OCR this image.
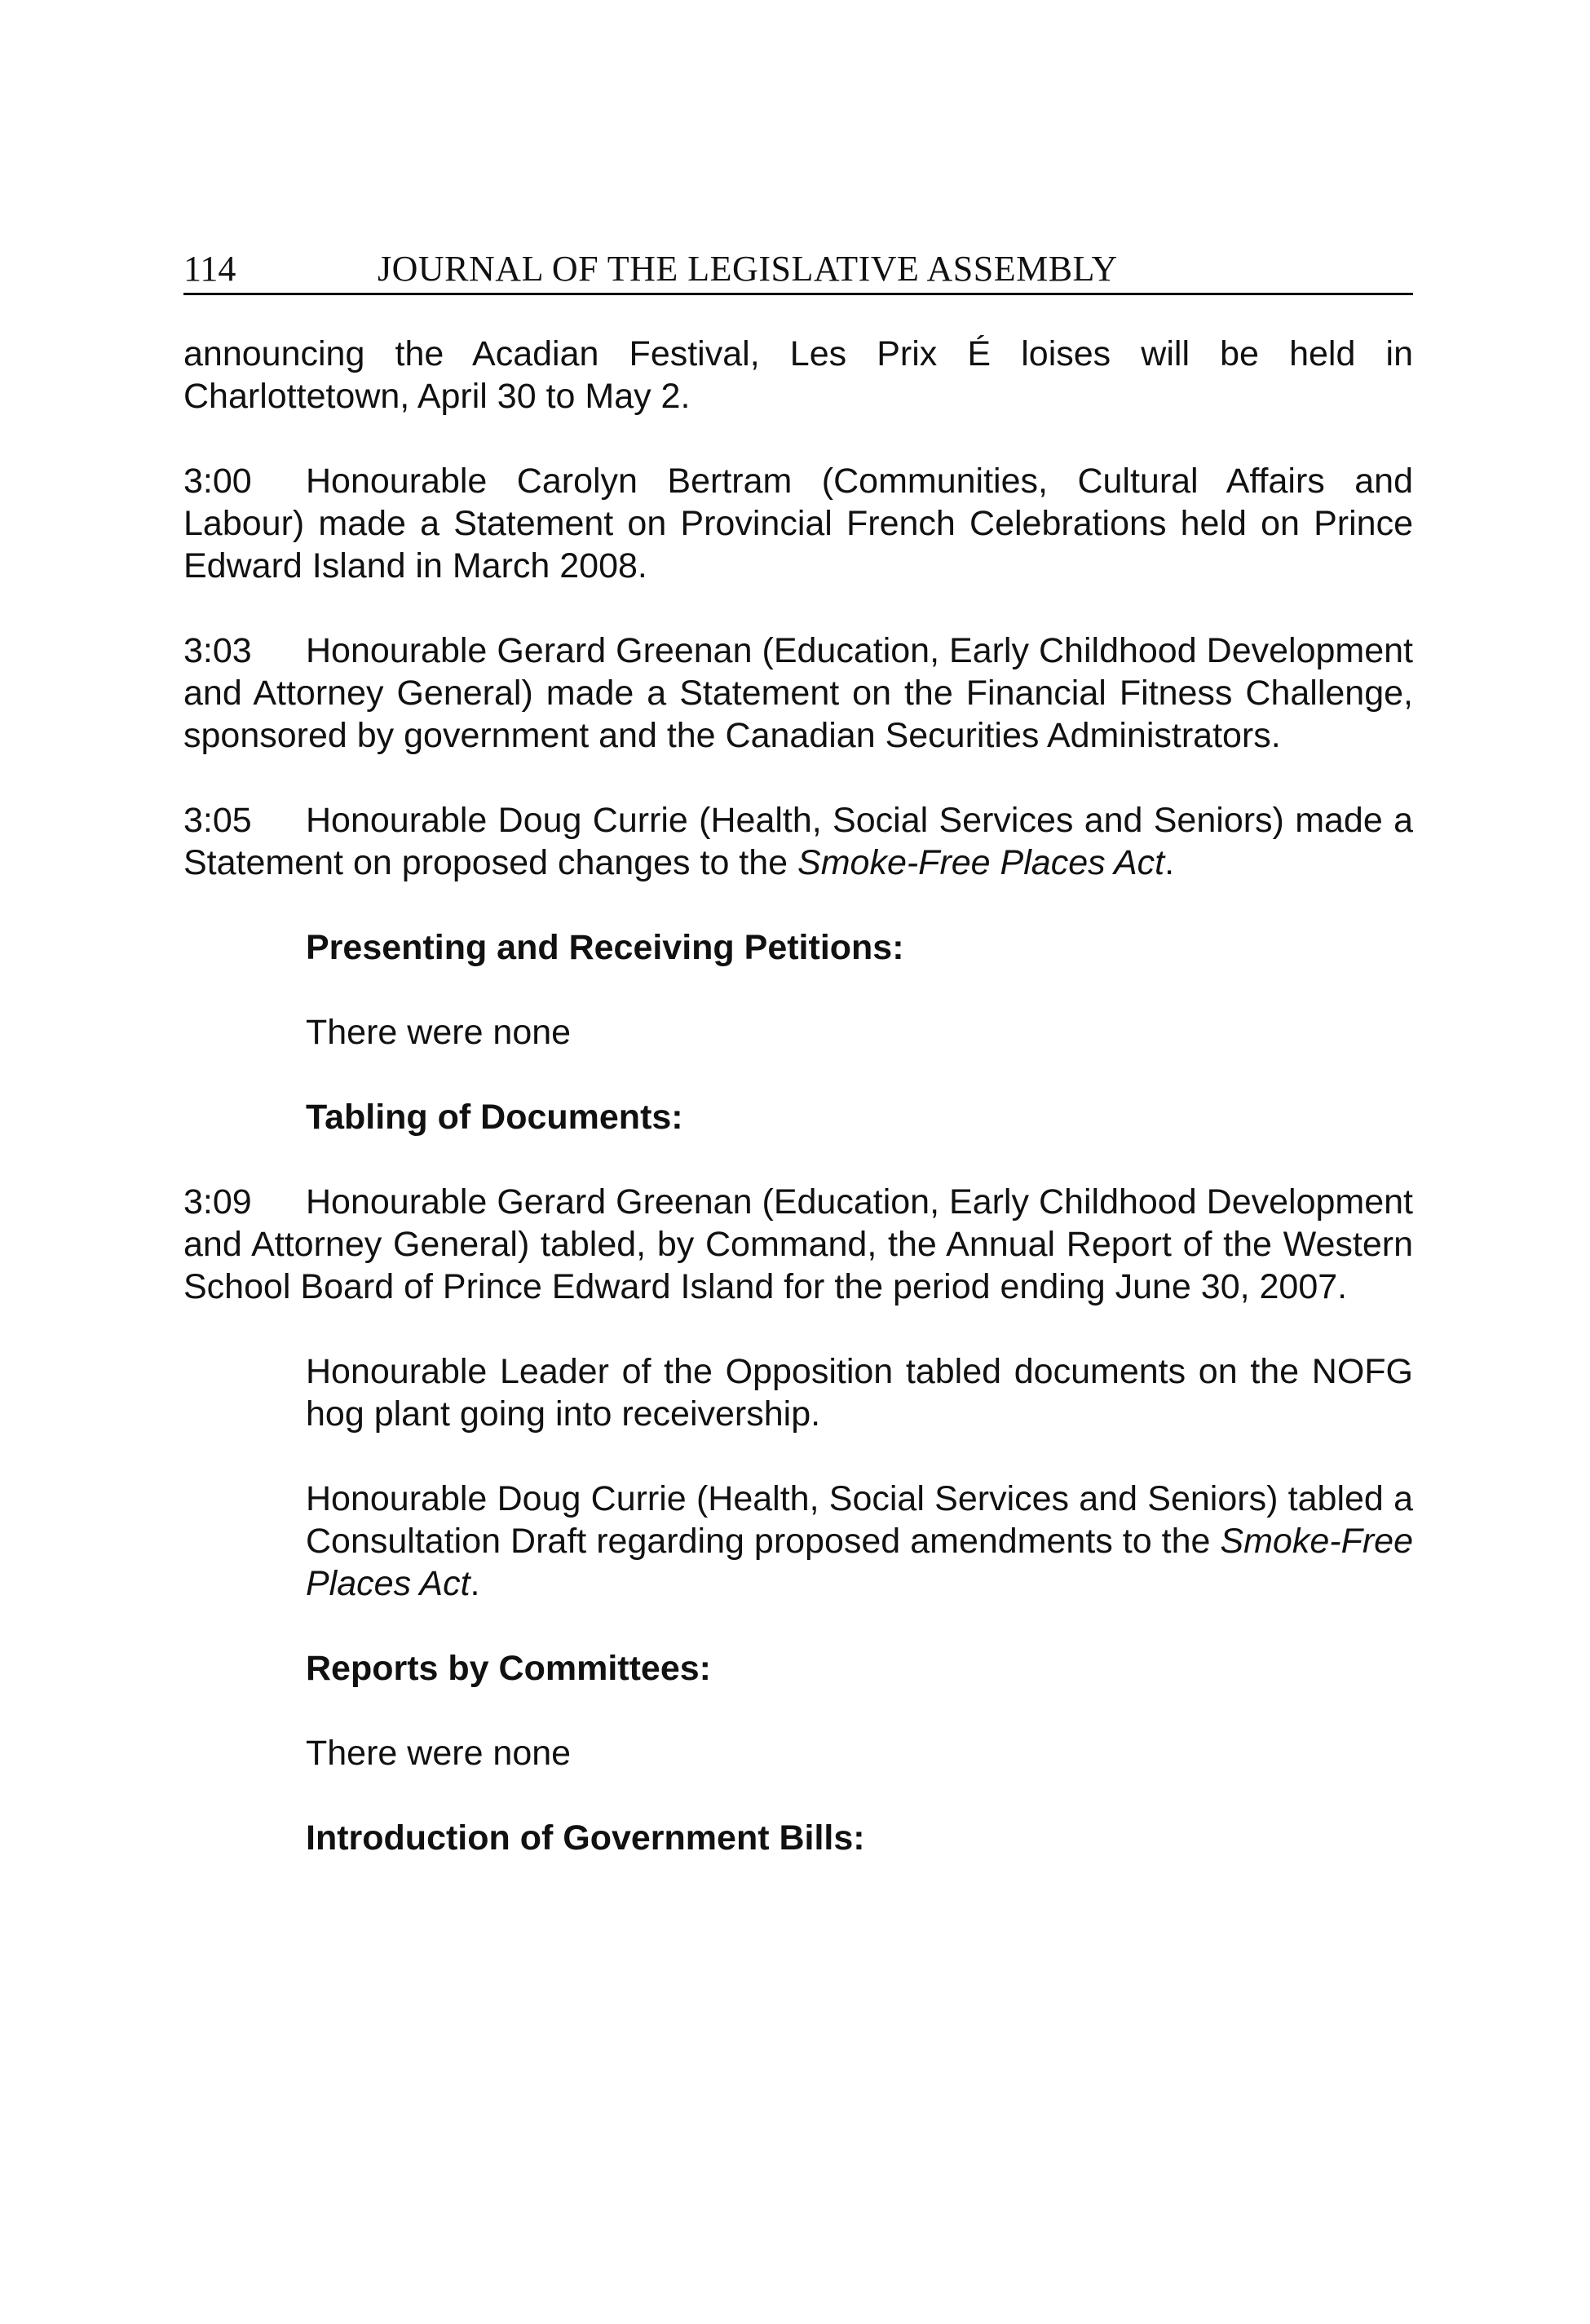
114	JOURNAL OF THE LEGISLATIVE ASSEMBLY

announcing the Acadian Festival, Les Prix É loises will be held in Charlottetown, April 30 to May 2.

3:00 Honourable Carolyn Bertram (Communities, Cultural Affairs and Labour) made a Statement on Provincial French Celebrations held on Prince Edward Island in March 2008.

3:03 Honourable Gerard Greenan (Education, Early Childhood Development and Attorney General) made a Statement on the Financial Fitness Challenge, sponsored by government and the Canadian Securities Administrators.

3:05 Honourable Doug Currie (Health, Social Services and Seniors) made a Statement on proposed changes to the Smoke-Free Places Act.

Presenting and Receiving Petitions:

There were none

Tabling of Documents:

3:09 Honourable Gerard Greenan (Education, Early Childhood Development and Attorney General) tabled, by Command, the Annual Report of the Western School Board of Prince Edward Island for the period ending June 30, 2007.

Honourable Leader of the Opposition tabled documents on the NOFG hog plant going into receivership.

Honourable Doug Currie (Health, Social Services and Seniors) tabled a Consultation Draft regarding proposed amendments to the Smoke-Free Places Act.

Reports by Committees:

There were none

Introduction of Government Bills:
